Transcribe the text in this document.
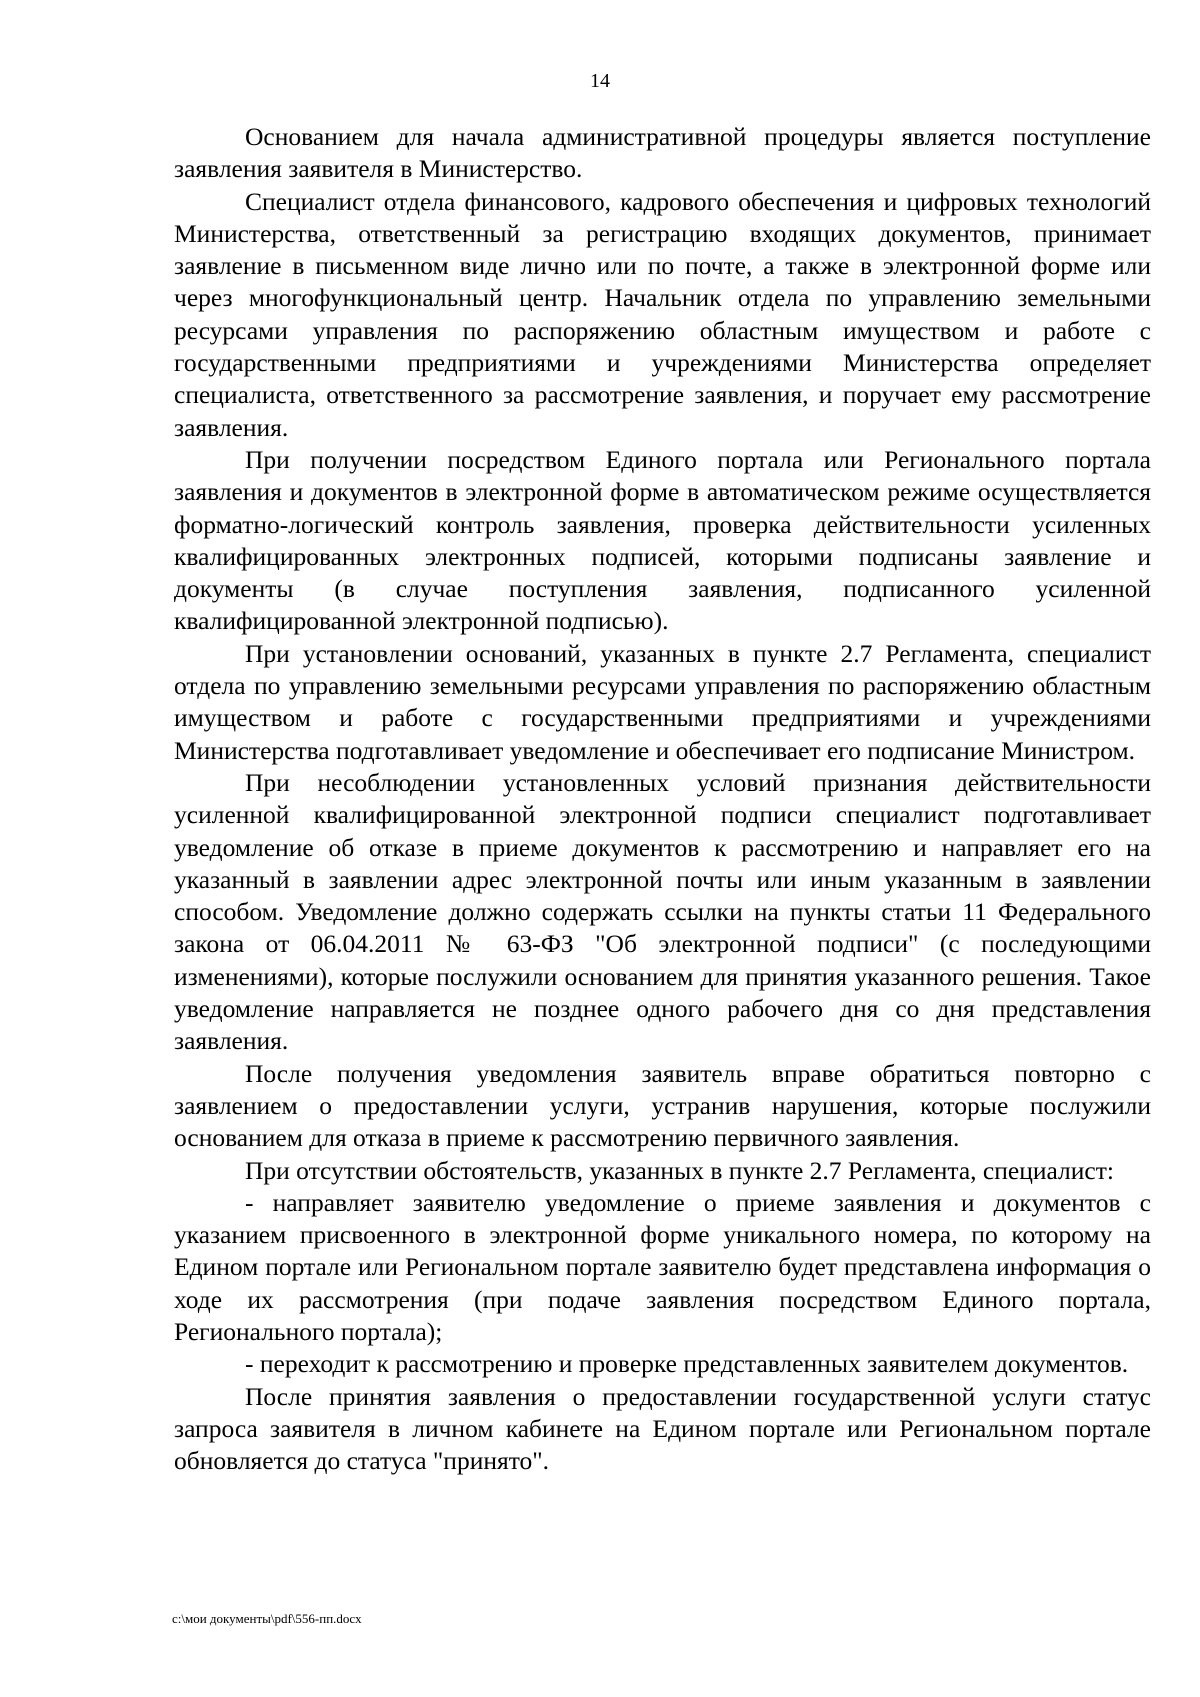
14

Основанием для начала административной процедуры является поступление заявления заявителя в Министерство.

Специалист отдела финансового, кадрового обеспечения и цифровых технологий Министерства, ответственный за регистрацию входящих документов, принимает заявление в письменном виде лично или по почте, а также в электронной форме или через многофункциональный центр. Начальник отдела по управлению земельными ресурсами управления по распоряжению областным имуществом и работе с государственными предприятиями и учреждениями Министерства определяет специалиста, ответственного за рассмотрение заявления, и поручает ему рассмотрение заявления.

При получении посредством Единого портала или Регионального портала заявления и документов в электронной форме в автоматическом режиме осуществляется форматно-логический контроль заявления, проверка действительности усиленных квалифицированных электронных подписей, которыми подписаны заявление и документы (в случае поступления заявления, подписанного усиленной квалифицированной электронной подписью).

При установлении оснований, указанных в пункте 2.7 Регламента, специалист отдела по управлению земельными ресурсами управления по распоряжению областным имуществом и работе с государственными предприятиями и учреждениями Министерства подготавливает уведомление и обеспечивает его подписание Министром.

При несоблюдении установленных условий признания действительности усиленной квалифицированной электронной подписи специалист подготавливает уведомление об отказе в приеме документов к рассмотрению и направляет его на указанный в заявлении адрес электронной почты или иным указанным в заявлении способом. Уведомление должно содержать ссылки на пункты статьи 11 Федерального закона от 06.04.2011 № 63-ФЗ "Об электронной подписи" (с последующими изменениями), которые послужили основанием для принятия указанного решения. Такое уведомление направляется не позднее одного рабочего дня со дня представления заявления.

После получения уведомления заявитель вправе обратиться повторно с заявлением о предоставлении услуги, устранив нарушения, которые послужили основанием для отказа в приеме к рассмотрению первичного заявления.

При отсутствии обстоятельств, указанных в пункте 2.7 Регламента, специалист:

- направляет заявителю уведомление о приеме заявления и документов с указанием присвоенного в электронной форме уникального номера, по которому на Едином портале или Региональном портале заявителю будет представлена информация о ходе их рассмотрения (при подаче заявления посредством Единого портала, Регионального портала);

- переходит к рассмотрению и проверке представленных заявителем документов.

После принятия заявления о предоставлении государственной услуги статус запроса заявителя в личном кабинете на Едином портале или Региональном портале обновляется до статуса "принято".

c:\мои документы\pdf\556-пп.docx
